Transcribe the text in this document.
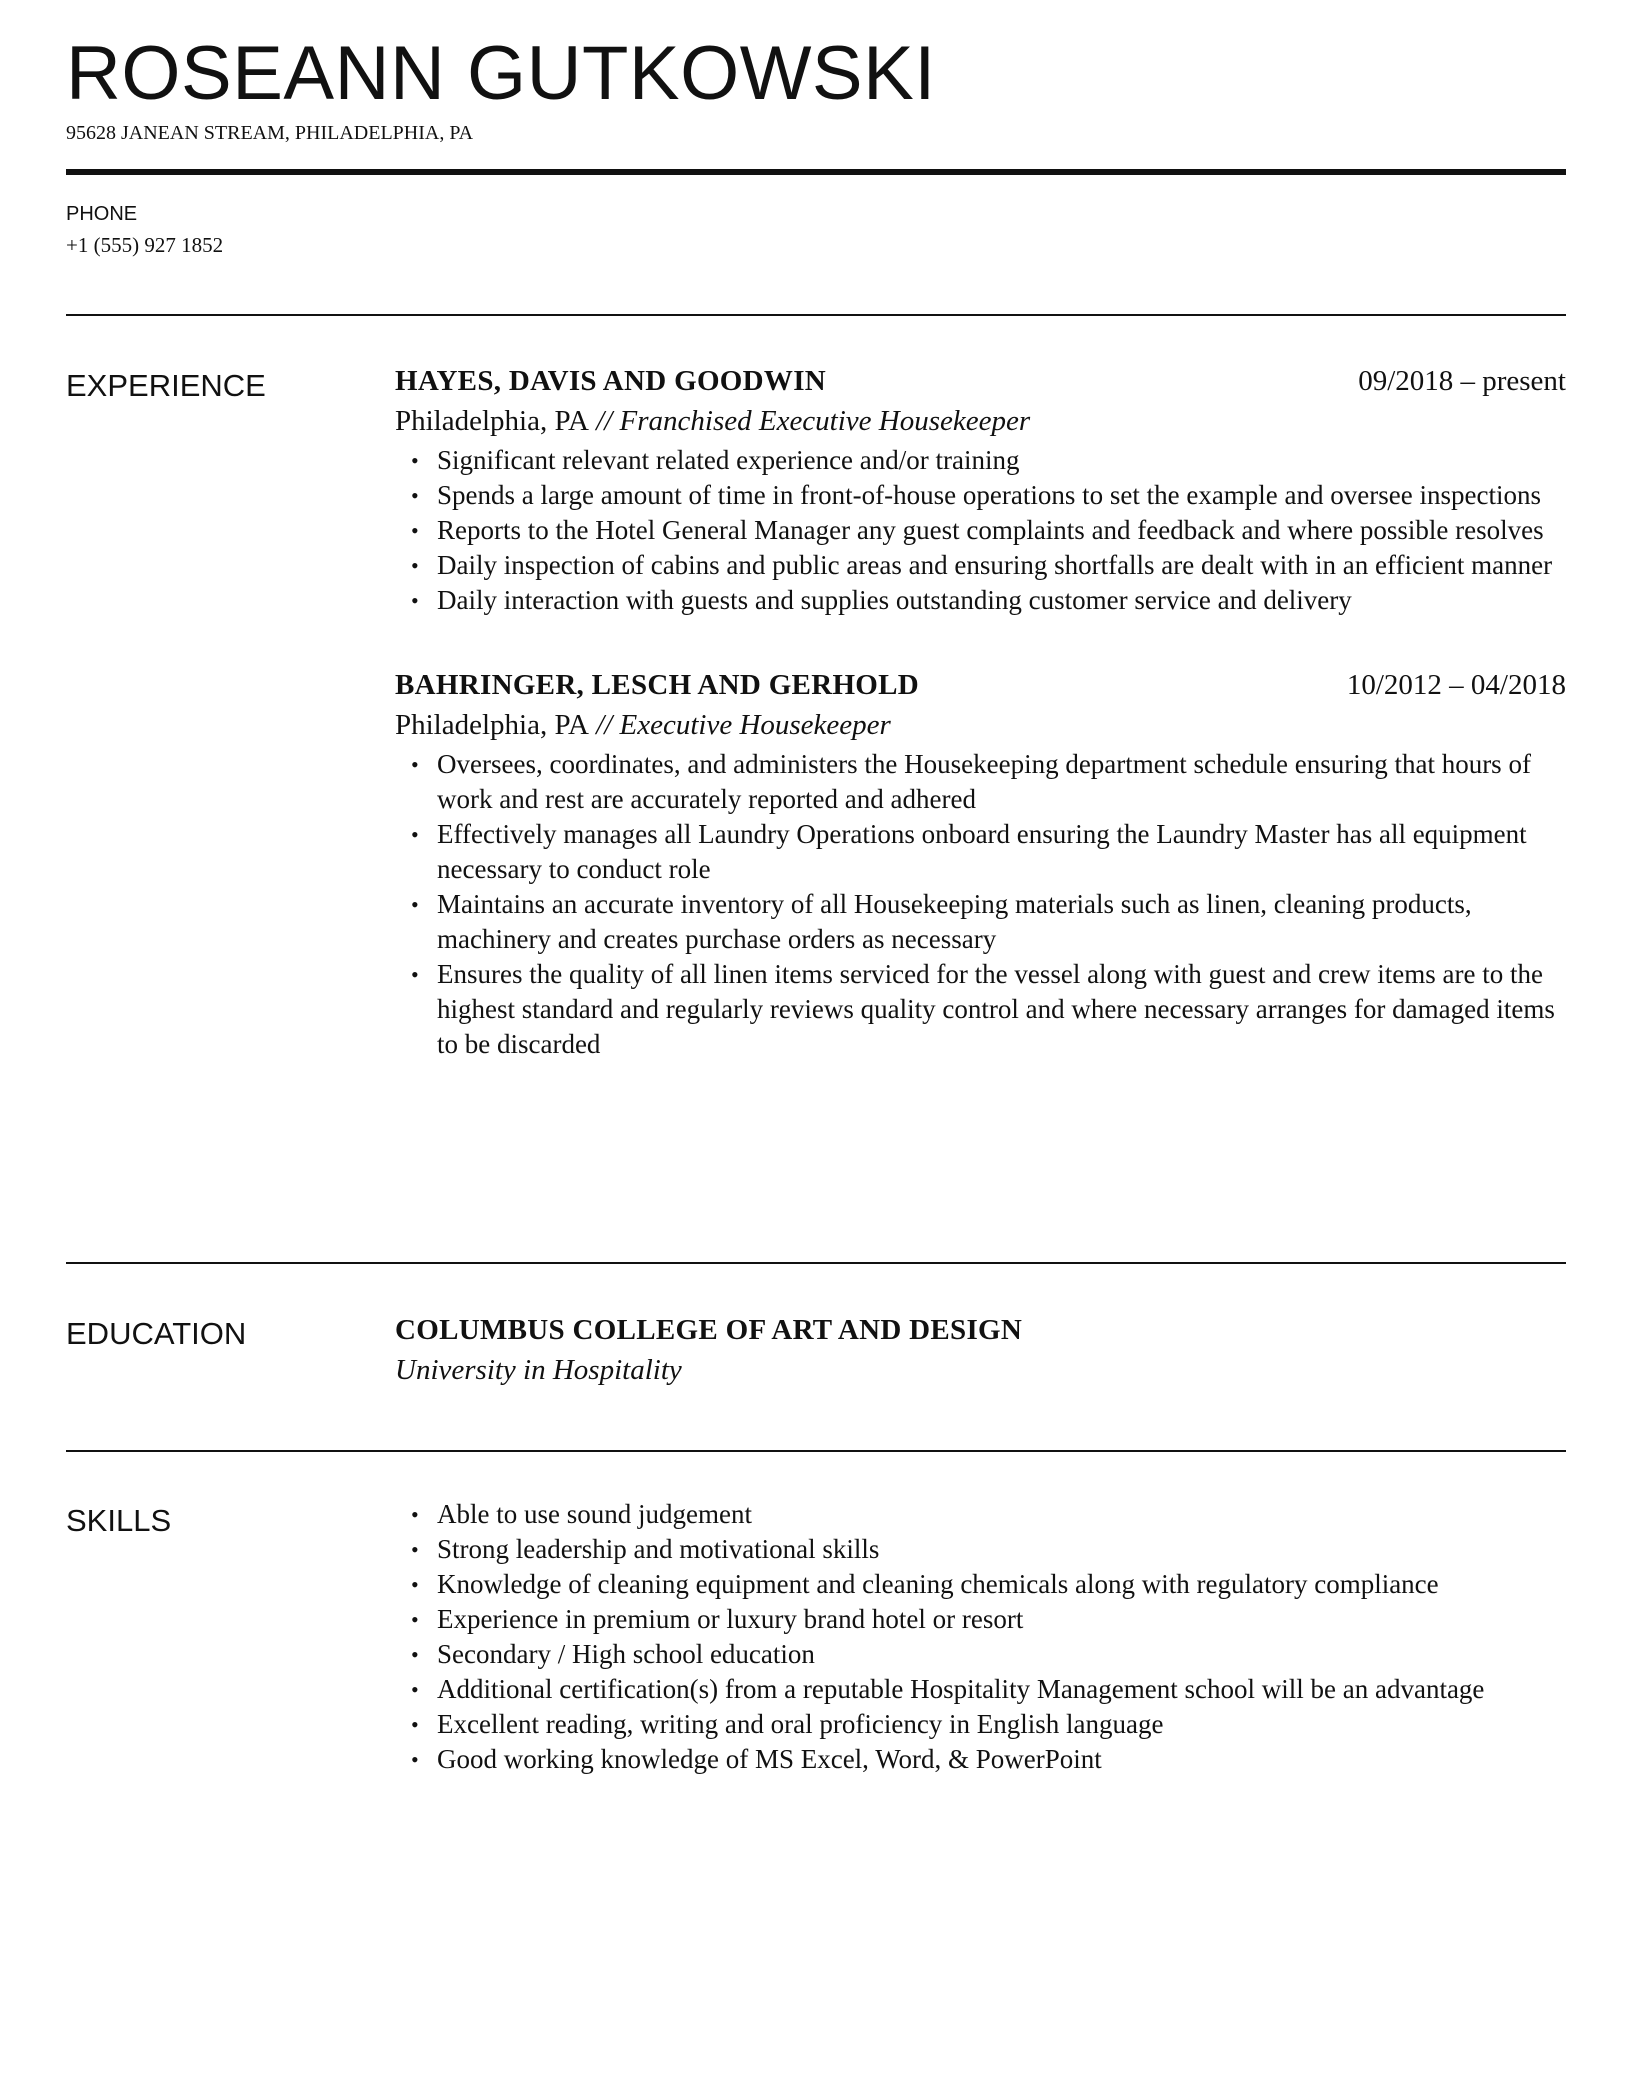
ROSEANN GUTKOWSKI
95628 JANEAN STREAM, PHILADELPHIA, PA
PHONE
+1 (555) 927 1852
EXPERIENCE	HAYES, DAVIS AND GOODWIN	09/2018 – present
Philadelphia, PA // Franchised Executive Housekeeper
• Significant relevant related experience and/or training
• Spends a large amount of time in front-of-house operations to set the example and oversee inspections
• Reports to the Hotel General Manager any guest complaints and feedback and where possible resolves
• Daily inspection of cabins and public areas and ensuring shortfalls are dealt with in an efficient manner
• Daily interaction with guests and supplies outstanding customer service and delivery
BAHRINGER, LESCH AND GERHOLD	10/2012 – 04/2018
Philadelphia, PA // Executive Housekeeper
• Oversees, coordinates, and administers the Housekeeping department schedule ensuring that hours of work and rest are accurately reported and adhered
• Effectively manages all Laundry Operations onboard ensuring the Laundry Master has all equipment necessary to conduct role
• Maintains an accurate inventory of all Housekeeping materials such as linen, cleaning products, machinery and creates purchase orders as necessary
• Ensures the quality of all linen items serviced for the vessel along with guest and crew items are to the highest standard and regularly reviews quality control and where necessary arranges for damaged items to be discarded
EDUCATION	COLUMBUS COLLEGE OF ART AND DESIGN
University in Hospitality
SKILLS
•	Able to use sound judgement
• Strong leadership and motivational skills
• Knowledge of cleaning equipment and cleaning chemicals along with regulatory compliance
• Experience in premium or luxury brand hotel or resort
• Secondary / High school education
• Additional certification(s) from a reputable Hospitality Management school will be an advantage
• Excellent reading, writing and oral proficiency in English language
• Good working knowledge of MS Excel, Word, & PowerPoint
